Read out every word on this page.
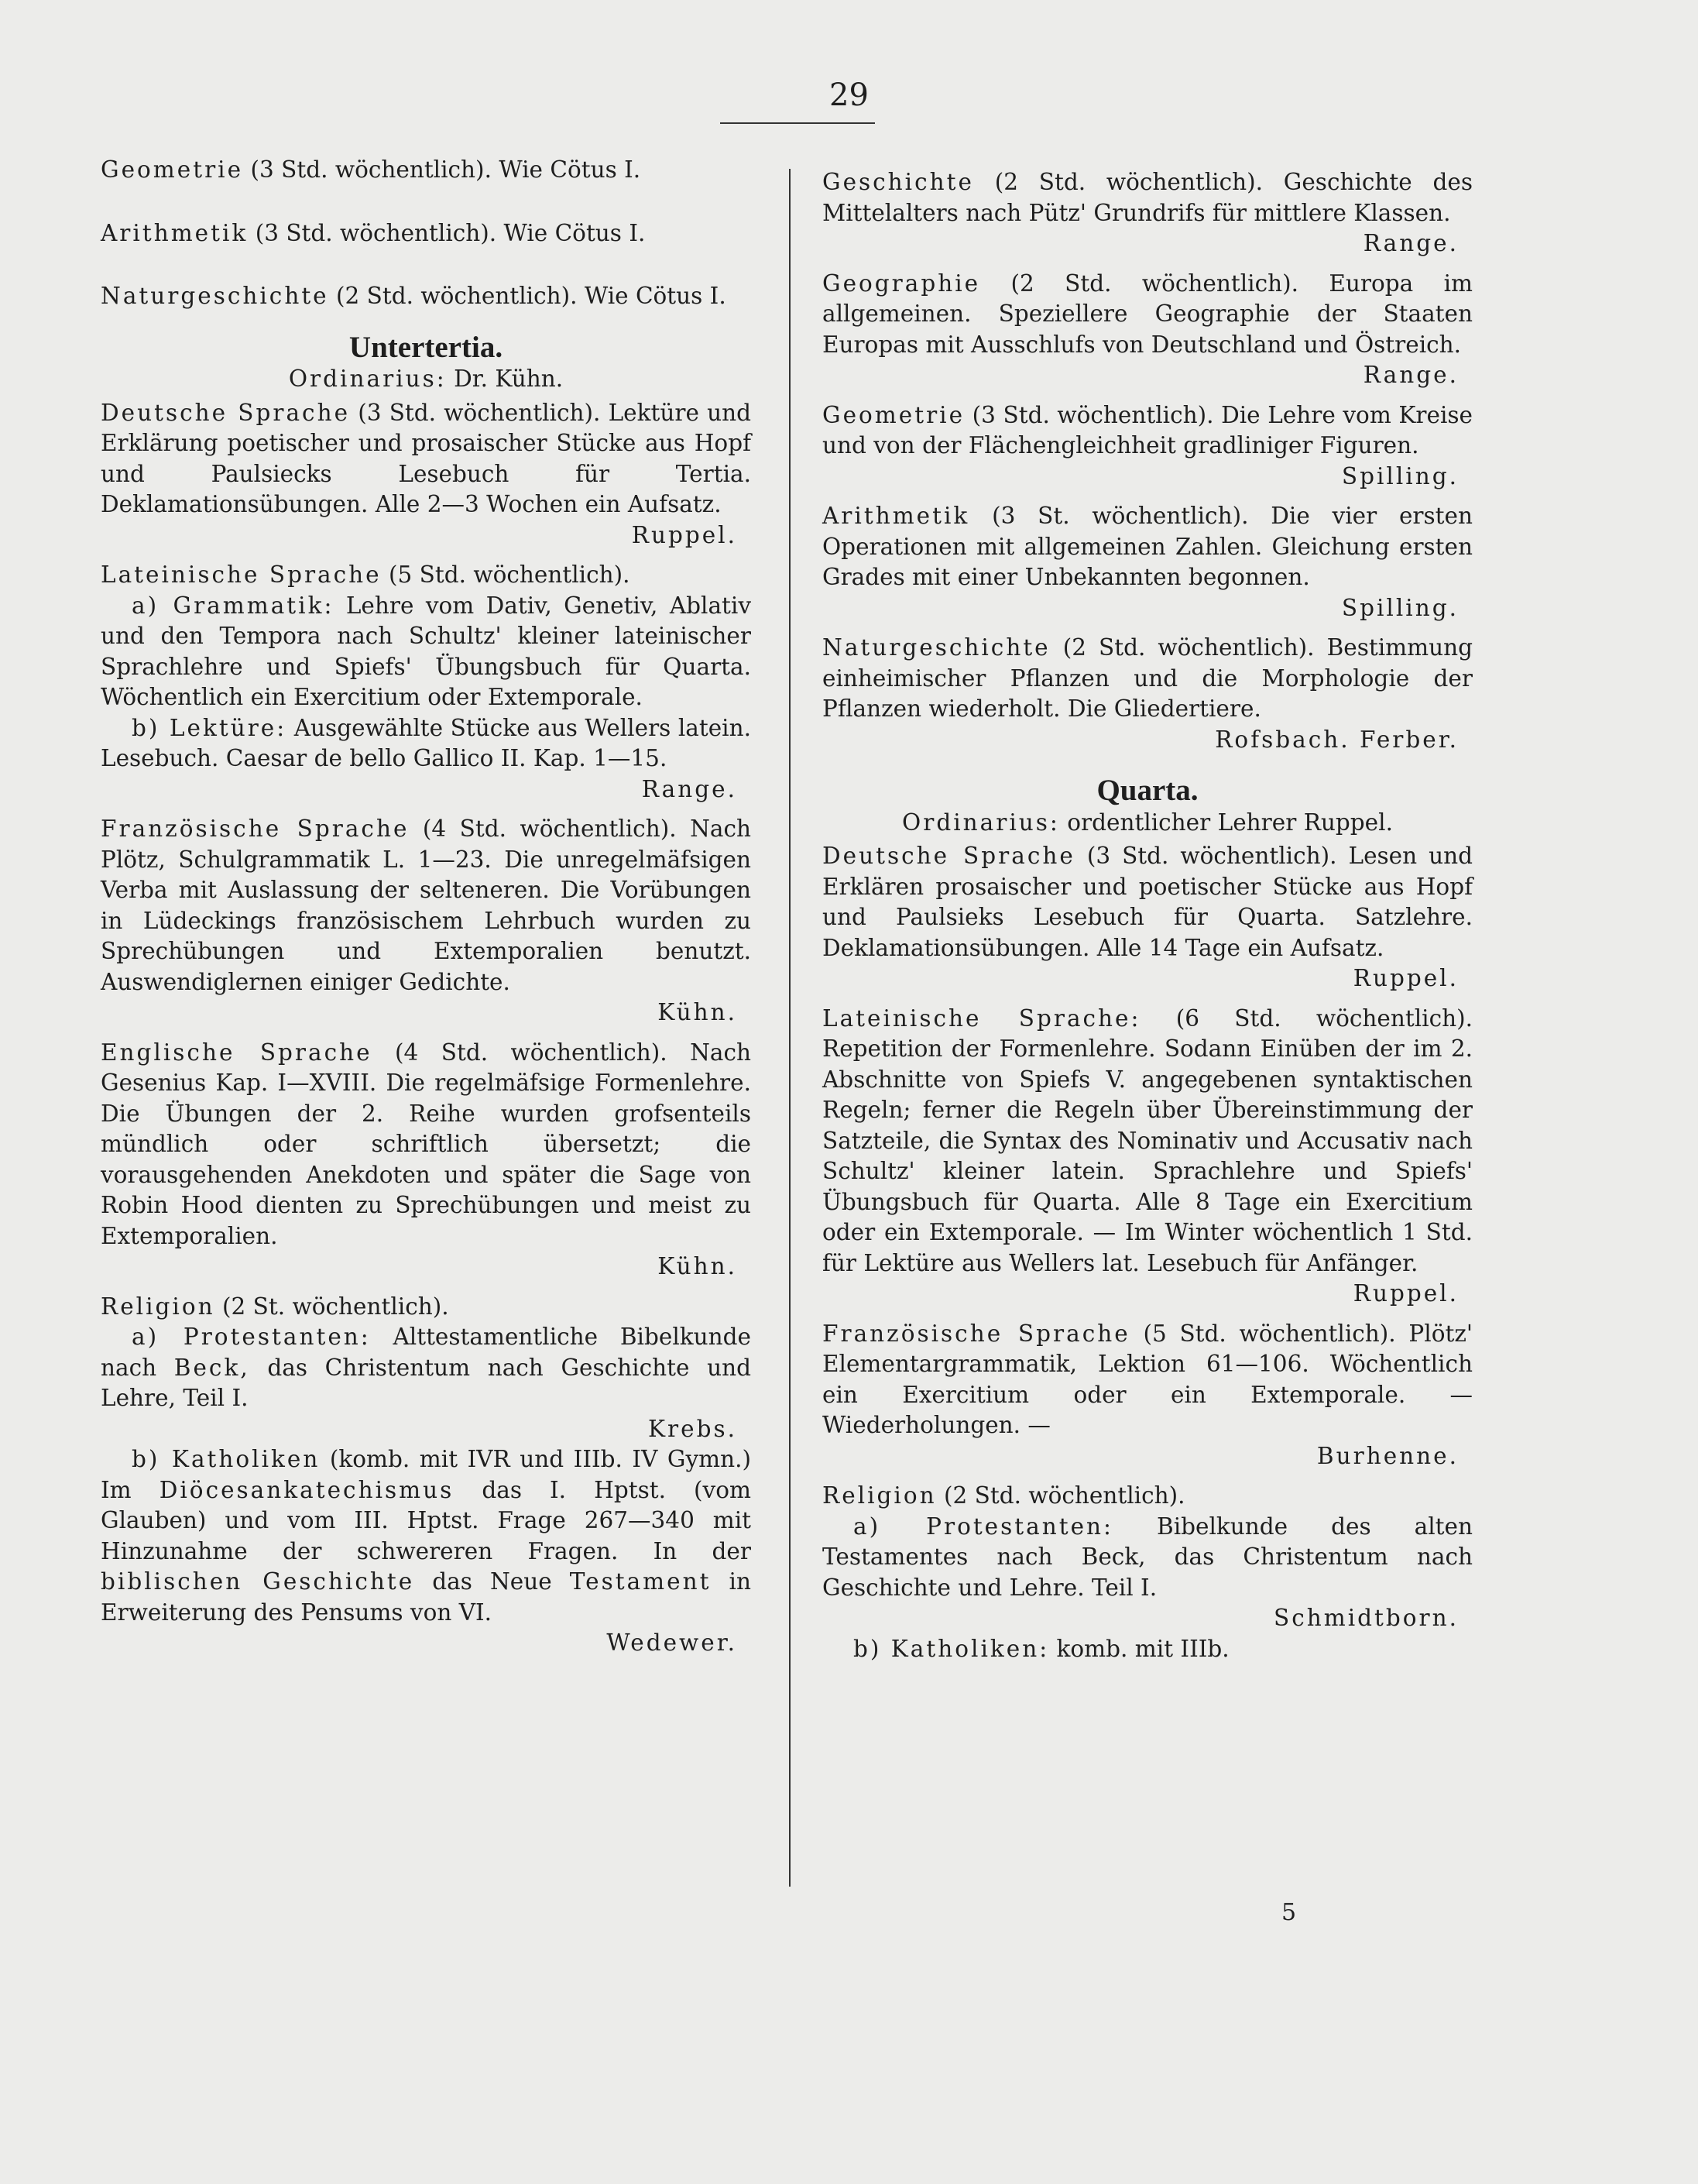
29

Geometrie (3 Std. wöchentlich). Wie Cötus I.

Arithmetik (3 Std. wöchentlich). Wie Cötus I.

Naturgeschichte (2 Std. wöchentlich). Wie Cötus I.

Untertertia.
Ordinarius: Dr. Kühn.

Deutsche Sprache (3 Std. wöchentlich). Lektüre und Erklärung poetischer und prosaischer Stücke aus Hopf und Paulsiecks Lesebuch für Tertia. Deklamationsübungen. Alle 2—3 Wochen ein Aufsatz.
Ruppel.

Lateinische Sprache (5 Std. wöchentlich).

a) Grammatik: Lehre vom Dativ, Genetiv, Ablativ und den Tempora nach Schultz' kleiner lateinischer Sprachlehre und Spiefs' Übungsbuch für Quarta. Wöchentlich ein Exercitium oder Extemporale.

b) Lektüre: Ausgewählte Stücke aus Wellers latein. Lesebuch. Caesar de bello Gallico II. Kap. 1—15.
Range.

Französische Sprache (4 Std. wöchentlich). Nach Plötz, Schulgrammatik L. 1—23. Die unregelmäfsigen Verba mit Auslassung der selteneren. Die Vorübungen in Lüdeckings französischem Lehrbuch wurden zu Sprechübungen und Extemporalien benutzt. Auswendiglernen einiger Gedichte.
Kühn.

Englische Sprache (4 Std. wöchentlich). Nach Gesenius Kap. I—XVIII. Die regelmäfsige Formenlehre. Die Übungen der 2. Reihe wurden grofsenteils mündlich oder schriftlich übersetzt; die vorausgehenden Anekdoten und später die Sage von Robin Hood dienten zu Sprechübungen und meist zu Extemporalien.
Kühn.

Religion (2 St. wöchentlich).

a) Protestanten: Alttestamentliche Bibelkunde nach Beck, das Christentum nach Geschichte und Lehre, Teil I.
Krebs.

b) Katholiken (komb. mit IVR und IIIb. IV Gymn.) Im Diöcesankatechismus das I. Hptst. (vom Glauben) und vom III. Hptst. Frage 267—340 mit Hinzunahme der schwereren Fragen. In der biblischen Geschichte das Neue Testament in Erweiterung des Pensums von VI.
Wedewer.

Geschichte (2 Std. wöchentlich). Geschichte des Mittelalters nach Pütz' Grundrifs für mittlere Klassen.
Range.

Geographie (2 Std. wöchentlich). Europa im allgemeinen. Speziellere Geographie der Staaten Europas mit Ausschlufs von Deutschland und Östreich.
Range.

Geometrie (3 Std. wöchentlich). Die Lehre vom Kreise und von der Flächengleichheit gradliniger Figuren.
Spilling.

Arithmetik (3 St. wöchentlich). Die vier ersten Operationen mit allgemeinen Zahlen. Gleichung ersten Grades mit einer Unbekannten begonnen.
Spilling.

Naturgeschichte (2 Std. wöchentlich). Bestimmung einheimischer Pflanzen und die Morphologie der Pflanzen wiederholt. Die Gliedertiere.
Rofsbach. Ferber.

Quarta.
Ordinarius: ordentlicher Lehrer Ruppel.

Deutsche Sprache (3 Std. wöchentlich). Lesen und Erklären prosaischer und poetischer Stücke aus Hopf und Paulsieks Lesebuch für Quarta. Satzlehre. Deklamationsübungen. Alle 14 Tage ein Aufsatz.
Ruppel.

Lateinische Sprache: (6 Std. wöchentlich). Repetition der Formenlehre. Sodann Einüben der im 2. Abschnitte von Spiefs V. angegebenen syntaktischen Regeln; ferner die Regeln über Übereinstimmung der Satzteile, die Syntax des Nominativ und Accusativ nach Schultz' kleiner latein. Sprachlehre und Spiefs' Übungsbuch für Quarta. Alle 8 Tage ein Exercitium oder ein Extemporale. — Im Winter wöchentlich 1 Std. für Lektüre aus Wellers lat. Lesebuch für Anfänger.
Ruppel.

Französische Sprache (5 Std. wöchentlich). Plötz' Elementargrammatik, Lektion 61—106. Wöchentlich ein Exercitium oder ein Extemporale. — Wiederholungen. —
Burhenne.

Religion (2 Std. wöchentlich).

a) Protestanten: Bibelkunde des alten Testamentes nach Beck, das Christentum nach Geschichte und Lehre. Teil I.
Schmidtborn.

b) Katholiken: komb. mit IIIb.

5
